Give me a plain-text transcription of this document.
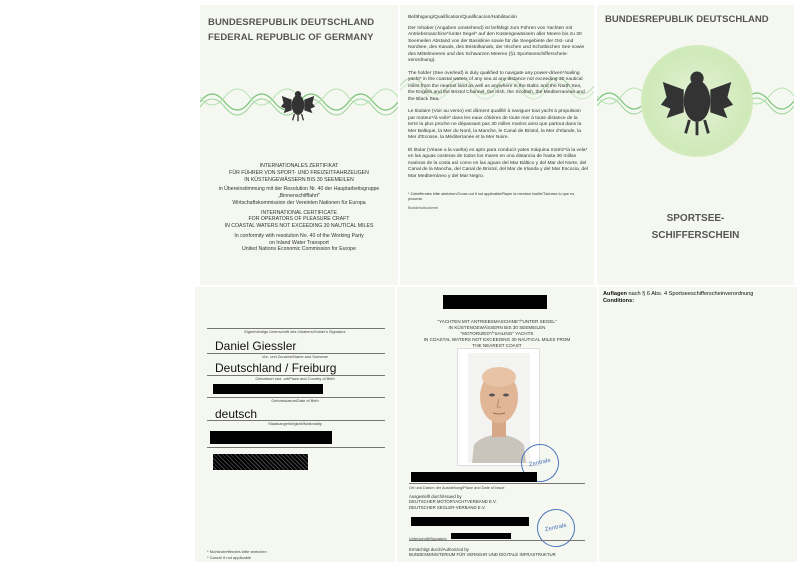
BUNDESREPUBLIK DEUTSCHLAND
FEDERAL REPUBLIC OF GERMANY
INTERNATIONALES ZERTIFIKAT
FÜR FÜHRER VON SPORT- UND FREIZEITFAHRZEUGEN
IN KÜSTENGEWÄSSERN BIS 30 SEEMEILEN
in Übereinstimmung mit der Resolution Nr. 40 der Hauptarbeitsgruppe
„Binnenschifffahrt"
Wirtschaftskommission der Vereinten Nationen für Europa
INTERNATIONAL CERTIFICATE
FOR OPERATORS OF PLEASURE CRAFT
IN COASTAL WATERS NOT EXCEEDING 30 NAUTICAL MILES
In conformity with resolution No. 40 of the Working Party
on Inland Water Transport
United Nations Economic Commission for Europe
Befähigung/Qualification/Qualificacion/Habilitación
Der Inhaber (Angaben umstehend) ist befähigt zum Führen von Yachten mit Antriebsmaschine*/unter Segel* auf den Küstengewässern aller Meere bis zu 30 Seemeilen Abstand von der Basislinie sowie für die Seegebiete der Ost- und Nordsee, des Kanals, des Bristolkanals, der Irischen und Schottischen See sowie des Mittelmeeres und des Schwarzen Meeres (§1 Sportseeschifferschein-verordnung).
The holder (See overleaf) is duly qualified to navigate any power-driven*/sailing yacht* in the coastal waters of any sea at any distance not exceeding 30 nautical miles from the nearest land as well as anywhere in the Baltic and the North Sea, the English and the Bristol Channel, the Irish, the Scottish, the Mediterranean and the Black Sea.
Le titulaire (Voir au verso) est dûment qualifié à naviguer tout yacht à propulsion par moteur*/à voile* dans les eaux côtières de toute mer à toute distance de la terre la plus proche ne dépassant pas 30 milles marins ainsi que partout dans la Mer Baltique, la Mer du Nord, la Manche, le Canal de Bristol, la Mer d'Irlande, la Mer d'Ecosse, la Méditerranée et la Mer Noire.
El titular (Véase a la vuelta) es apto para conducir yates máquina motriz*/a la vela* en las aguas costeras de todos los mares en una distancia de hasta 30 millas marinas de la costa así como en las aguas del Mar Báltico y del Mar del Norte, del Canal de la Mancha, del Canal de Bristol, del Mar de Irlanda y del Mar Escocia, del Mar Mediterráneo y del Mar Negro.
* Zutreffendes bitte streichen/Cross out if not applicable/Rayer la mention inutile/Táchese lo que no proceda
Bundesdruckerei
BUNDESREPUBLIK DEUTSCHLAND
SPORTSEE-
SCHIFFERSCHEIN
Eigenhändige Unterschrift des Inhabers/Holder's Signature
Daniel Giessler
Vor- und Zuname/Name and Surname
Deutschland / Freiburg
Geburtsort und -ort/Place and Country of Birth
Geburtsdatum/Date of Birth
deutsch
Staatsangehörigkeit/Nationality
* Nichtzutreffendes bitte streichen
* Cancel if not applicable
"YACHTEN MIT ANTRIEBSMASCHINE"/"UNTER SEGEL"
IN KÜSTENGEWÄSSERN BIS 30 SEEMEILEN
"MOTORIZED"/"SAILING" YACHTS
IN COASTAL WATERS NOT EXCEEDING 30 NAUTICAL MILES FROM
THE NEAREST COAST
Zentrale
Ort und Datum der Ausstellung/Place and Date of Issue
Ausgestellt durch/Issued by
DEUTSCHER MOTORYACHTVERBAND E.V.
DEUTSCHER SEGLER-VERBAND E.V.
Zentrale
Unterschrift/Signature
Ermächtigt durch/Authorized by
BUNDESMINISTERIUM FÜR VERKEHR UND DIGITALE INFRASTRUKTUR
Auflagen nach § 6 Abs. 4 Sportseeschifferscheinverordnung
Conditions:
